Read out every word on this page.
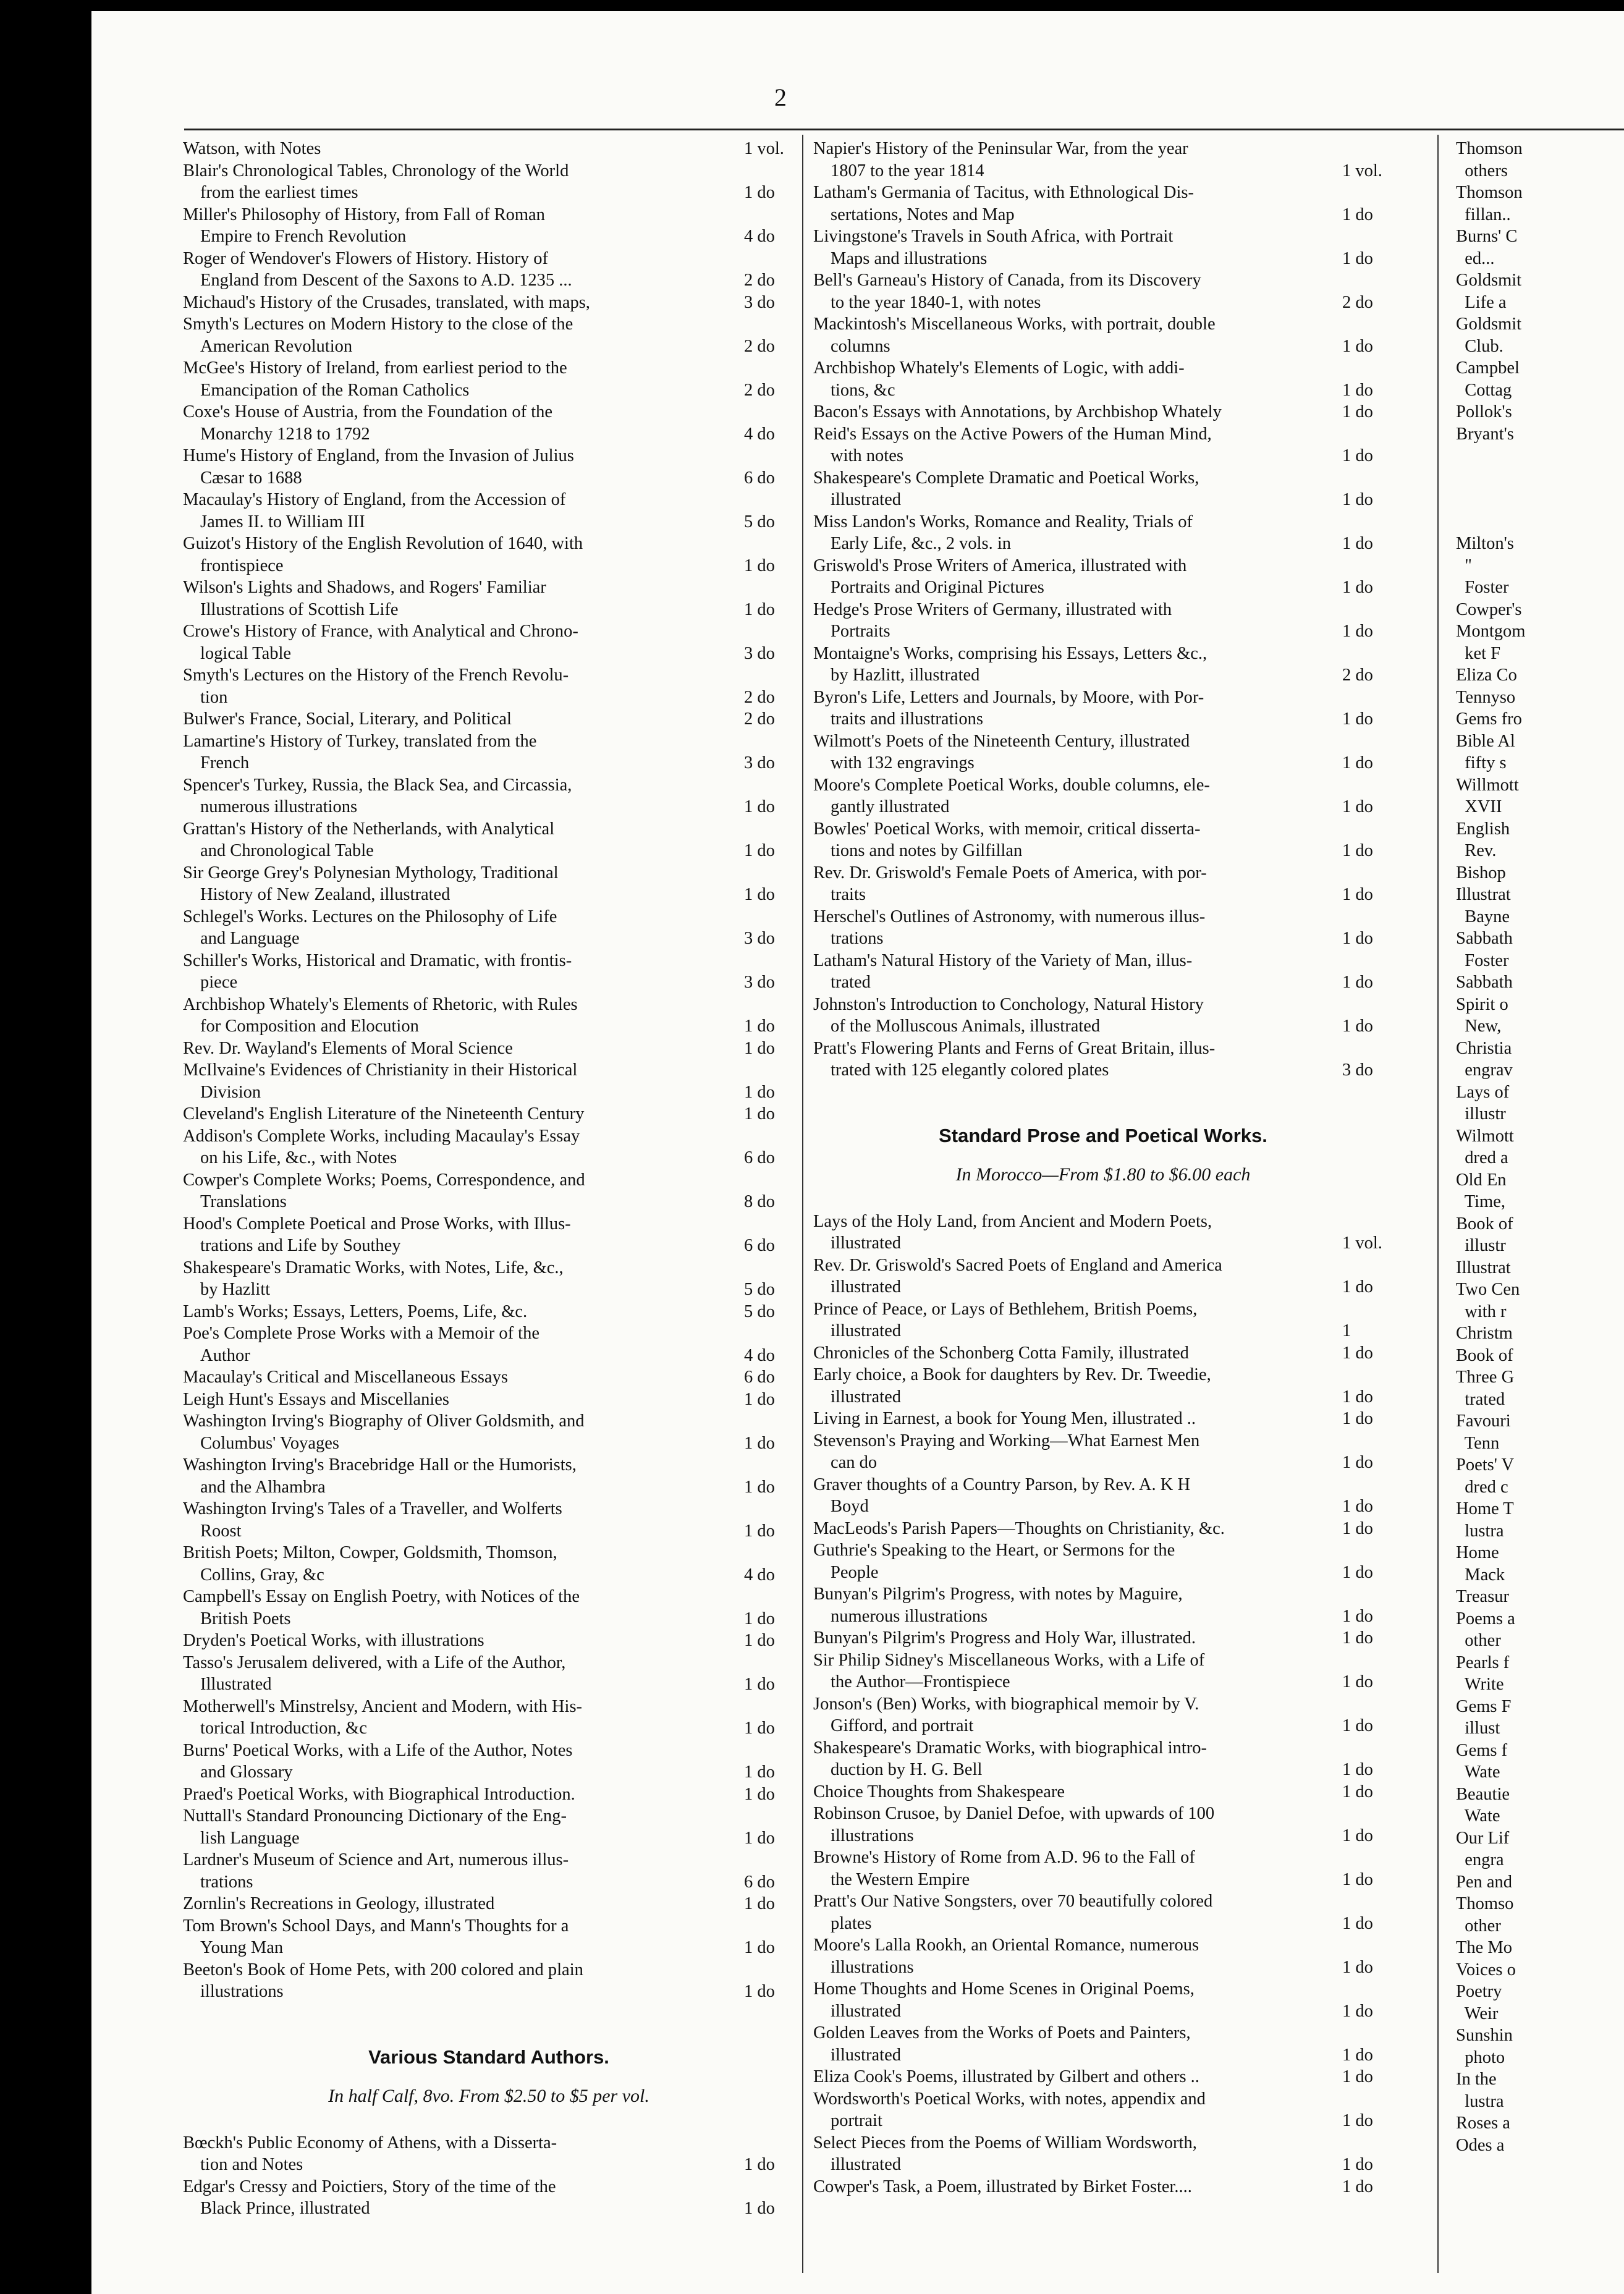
2
Watson, with Notes	1 vol.
Blair's Chronological Tables, Chronology of the World
from the earliest times	1 do
Miller's Philosophy of History, from Fall of Roman
Empire to French Revolution	4 do
Roger of Wendover's Flowers of History. History of
England from Descent of the Saxons to A.D. 1235 ...	2 do
Michaud's History of the Crusades, translated, with maps,	3 do
Smyth's Lectures on Modern History to the close of the
American Revolution	2 do
McGee's History of Ireland, from earliest period to the
Emancipation of the Roman Catholics	2 do
Coxe's House of Austria, from the Foundation of the
Monarchy 1218 to 1792	4 do
Hume's History of England, from the Invasion of Julius
Cæsar to 1688	6 do
Macaulay's History of England, from the Accession of
James II. to William III	5 do
Guizot's History of the English Revolution of 1640, with
frontispiece	1 do
Wilson's Lights and Shadows, and Rogers' Familiar
Illustrations of Scottish Life	1 do
Crowe's History of France, with Analytical and Chrono-
logical Table	3 do
Smyth's Lectures on the History of the French Revolu-
tion	2 do
Bulwer's France, Social, Literary, and Political	2 do
Lamartine's History of Turkey, translated from the
French	3 do
Spencer's Turkey, Russia, the Black Sea, and Circassia,
numerous illustrations	1 do
Grattan's History of the Netherlands, with Analytical
and Chronological Table	1 do
Sir George Grey's Polynesian Mythology, Traditional
History of New Zealand, illustrated	1 do
Schlegel's Works. Lectures on the Philosophy of Life
and Language	3 do
Schiller's Works, Historical and Dramatic, with frontis-
piece	3 do
Archbishop Whately's Elements of Rhetoric, with Rules
for Composition and Elocution	1 do
Rev. Dr. Wayland's Elements of Moral Science	1 do
McIlvaine's Evidences of Christianity in their Historical
Division	1 do
Cleveland's English Literature of the Nineteenth Century	1 do
Addison's Complete Works, including Macaulay's Essay
on his Life, &c., with Notes	6 do
Cowper's Complete Works; Poems, Correspondence, and
Translations	8 do
Hood's Complete Poetical and Prose Works, with Illus-
trations and Life by Southey	6 do
Shakespeare's Dramatic Works, with Notes, Life, &c.,
by Hazlitt	5 do
Lamb's Works; Essays, Letters, Poems, Life, &c.	5 do
Poe's Complete Prose Works with a Memoir of the
Author	4 do
Macaulay's Critical and Miscellaneous Essays	6 do
Leigh Hunt's Essays and Miscellanies	1 do
Washington Irving's Biography of Oliver Goldsmith, and
Columbus' Voyages	1 do
Washington Irving's Bracebridge Hall or the Humorists,
and the Alhambra	1 do
Washington Irving's Tales of a Traveller, and Wolferts
Roost	1 do
British Poets; Milton, Cowper, Goldsmith, Thomson,
Collins, Gray, &c	4 do
Campbell's Essay on English Poetry, with Notices of the
British Poets	1 do
Dryden's Poetical Works, with illustrations	1 do
Tasso's Jerusalem delivered, with a Life of the Author,
Illustrated	1 do
Motherwell's Minstrelsy, Ancient and Modern, with His-
torical Introduction, &c	1 do
Burns' Poetical Works, with a Life of the Author, Notes
and Glossary	1 do
Praed's Poetical Works, with Biographical Introduction.	1 do
Nuttall's Standard Pronouncing Dictionary of the Eng-
lish Language	1 do
Lardner's Museum of Science and Art, numerous illus-
trations	6 do
Zornlin's Recreations in Geology, illustrated	1 do
Tom Brown's School Days, and Mann's Thoughts for a
Young Man	1 do
Beeton's Book of Home Pets, with 200 colored and plain
illustrations	1 do
Various Standard Authors.
In half Calf, 8vo. From $2.50 to $5 per vol.
Bœckh's Public Economy of Athens, with a Disserta-
tion and Notes	1 do
Edgar's Cressy and Poictiers, Story of the time of the
Black Prince, illustrated	1 do
Napier's History of the Peninsular War, from the year
1807 to the year 1814	1 vol.
Latham's Germania of Tacitus, with Ethnological Dis-
sertations, Notes and Map	1 do
Livingstone's Travels in South Africa, with Portrait
Maps and illustrations	1 do
Bell's Garneau's History of Canada, from its Discovery
to the year 1840-1, with notes	2 do
Mackintosh's Miscellaneous Works, with portrait, double
columns	1 do
Archbishop Whately's Elements of Logic, with addi-
tions, &c	1 do
Bacon's Essays with Annotations, by Archbishop Whately	1 do
Reid's Essays on the Active Powers of the Human Mind,
with notes	1 do
Shakespeare's Complete Dramatic and Poetical Works,
illustrated	1 do
Miss Landon's Works, Romance and Reality, Trials of
Early Life, &c., 2 vols. in	1 do
Griswold's Prose Writers of America, illustrated with
Portraits and Original Pictures	1 do
Hedge's Prose Writers of Germany, illustrated with
Portraits	1 do
Montaigne's Works, comprising his Essays, Letters &c.,
by Hazlitt, illustrated	2 do
Byron's Life, Letters and Journals, by Moore, with Por-
traits and illustrations	1 do
Wilmott's Poets of the Nineteenth Century, illustrated
with 132 engravings	1 do
Moore's Complete Poetical Works, double columns, ele-
gantly illustrated	1 do
Bowles' Poetical Works, with memoir, critical disserta-
tions and notes by Gilfillan	1 do
Rev. Dr. Griswold's Female Poets of America, with por-
traits	1 do
Herschel's Outlines of Astronomy, with numerous illus-
trations	1 do
Latham's Natural History of the Variety of Man, illus-
trated	1 do
Johnston's Introduction to Conchology, Natural History
of the Molluscous Animals, illustrated	1 do
Pratt's Flowering Plants and Ferns of Great Britain, illus-
trated with 125 elegantly colored plates	3 do
Standard Prose and Poetical Works.
In Morocco—From $1.80 to $6.00 each
Lays of the Holy Land, from Ancient and Modern Poets,
illustrated	1 vol.
Rev. Dr. Griswold's Sacred Poets of England and America
illustrated	1 do
Prince of Peace, or Lays of Bethlehem, British Poems,
illustrated	1
Chronicles of the Schonberg Cotta Family, illustrated	1 do
Early choice, a Book for daughters by Rev. Dr. Tweedie,
illustrated	1 do
Living in Earnest, a book for Young Men, illustrated ..	1 do
Stevenson's Praying and Working—What Earnest Men
can do	1 do
Graver thoughts of a Country Parson, by Rev. A. K H
Boyd	1 do
MacLeods's Parish Papers—Thoughts on Christianity, &c.	1 do
Guthrie's Speaking to the Heart, or Sermons for the
People	1 do
Bunyan's Pilgrim's Progress, with notes by Maguire,
numerous illustrations	1 do
Bunyan's Pilgrim's Progress and Holy War, illustrated.	1 do
Sir Philip Sidney's Miscellaneous Works, with a Life of
the Author—Frontispiece	1 do
Jonson's (Ben) Works, with biographical memoir by V.
Gifford, and portrait	1 do
Shakespeare's Dramatic Works, with biographical intro-
duction by H. G. Bell	1 do
Choice Thoughts from Shakespeare	1 do
Robinson Crusoe, by Daniel Defoe, with upwards of 100
illustrations	1 do
Browne's History of Rome from A.D. 96 to the Fall of
the Western Empire	1 do
Pratt's Our Native Songsters, over 70 beautifully colored
plates	1 do
Moore's Lalla Rookh, an Oriental Romance, numerous
illustrations	1 do
Home Thoughts and Home Scenes in Original Poems,
illustrated	1 do
Golden Leaves from the Works of Poets and Painters,
illustrated	1 do
Eliza Cook's Poems, illustrated by Gilbert and others ..	1 do
Wordsworth's Poetical Works, with notes, appendix and
portrait	1 do
Select Pieces from the Poems of William Wordsworth,
illustrated	1 do
Cowper's Task, a Poem, illustrated by Birket Foster....	1 do
Thomson
others
Thomson
fillan..
Burns' C
ed...
Goldsmit
Life a
Goldsmit
Club.
Campbel
Cottag
Pollok's
Bryant's
Milton's
"
Foster
Cowper's
Montgom
ket F
Eliza Co
Tennyso
Gems fro
Bible Al
fifty s
Willmott
XVII
English
Rev.
Bishop
Illustrat
Bayne
Sabbath
Foster
Sabbath
Spirit o
New,
Christia
engrav
Lays of
illustr
Wilmott
dred a
Old En
Time,
Book of
illustr
Illustrat
Two Cen
with r
Christm
Book of
Three G
trated
Favouri
Tenn
Poets' V
dred c
Home T
lustra
Home
Mack
Treasur
Poems a
other
Pearls f
Write
Gems F
illust
Gems f
Wate
Beautie
Wate
Our Lif
engra
Pen and
Thomso
other
The Mo
Voices o
Poetry
Weir
Sunshin
photo
In the
lustra
Roses a
Odes a
